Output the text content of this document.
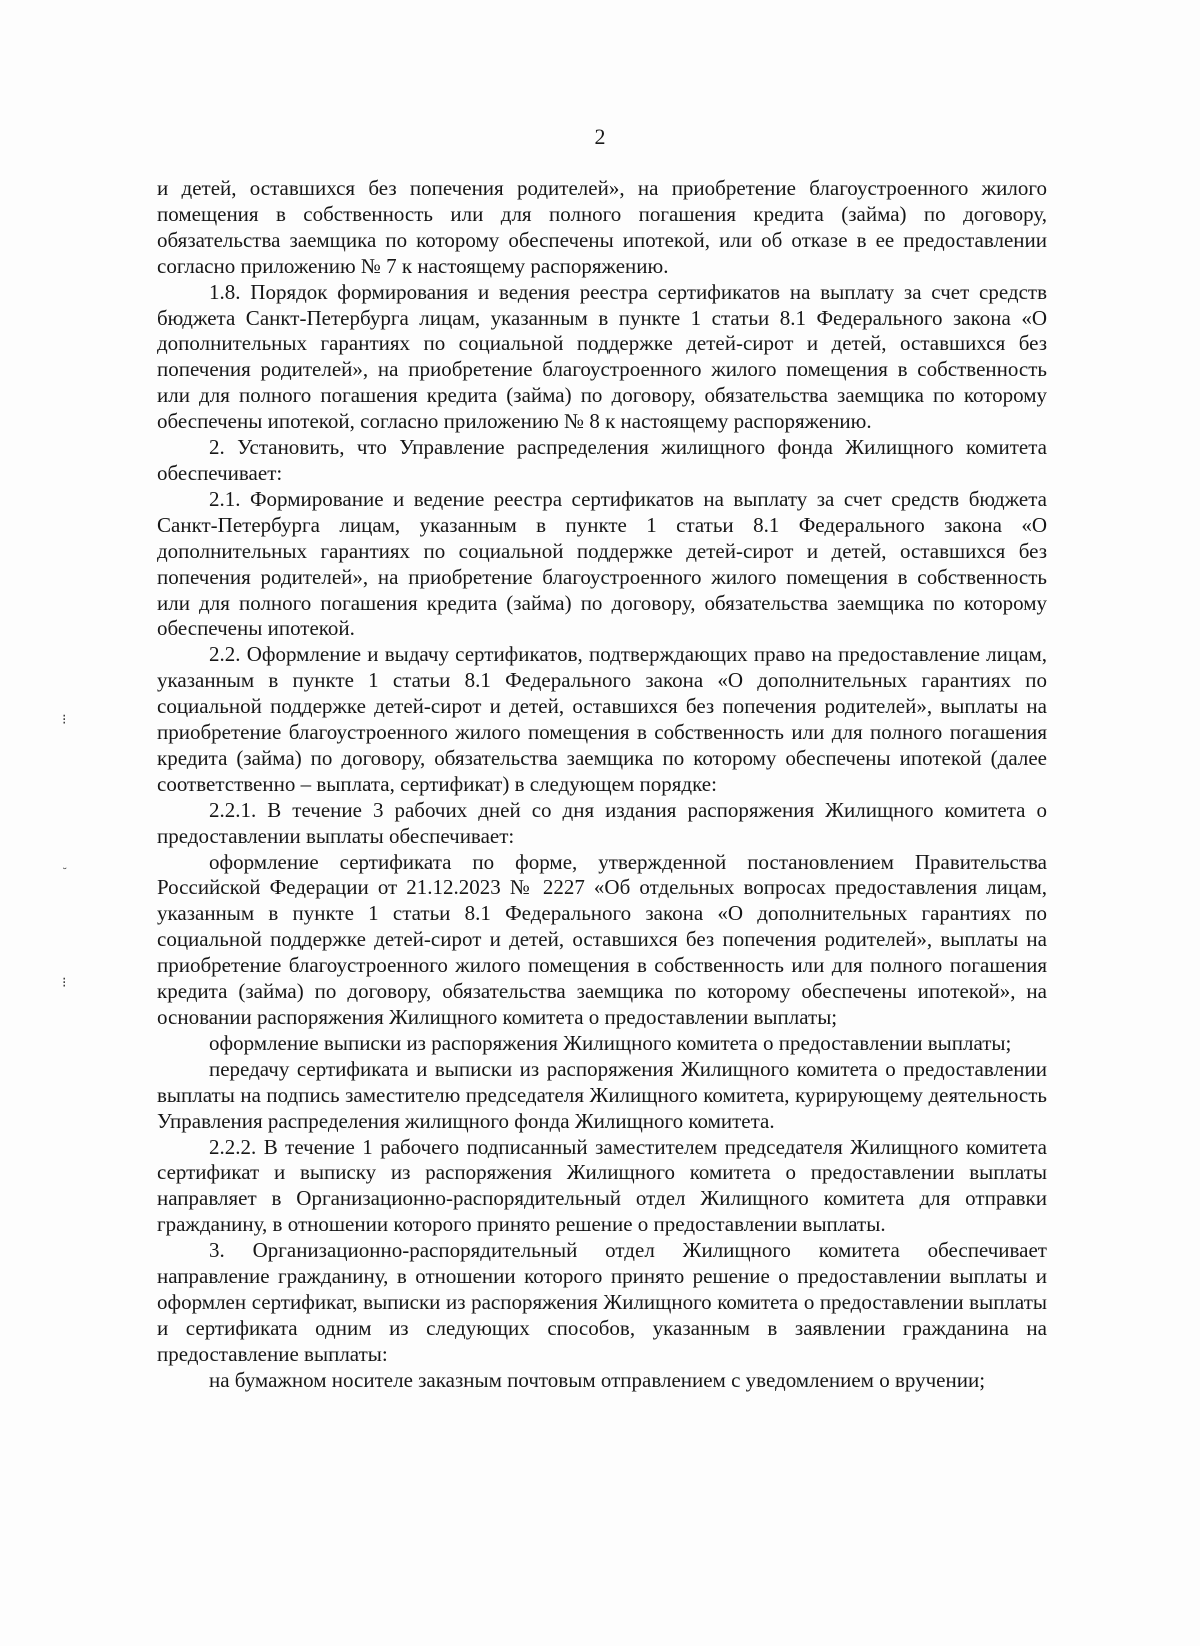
2
⁝
˘
⁝

и детей, оставшихся без попечения родителей», на приобретение благоустроенного жилого помещения в собственность или для полного погашения кредита (займа) по договору, обязательства заемщика по которому обеспечены ипотекой, или об отказе в ее предоставлении согласно приложению № 7 к настоящему распоряжению.

1.8. Порядок формирования и ведения реестра сертификатов на выплату за счет средств бюджета Санкт-Петербурга лицам, указанным в пункте 1 статьи 8.1 Федерального закона «О дополнительных гарантиях по социальной поддержке детей-сирот и детей, оставшихся без попечения родителей», на приобретение благоустроенного жилого помещения в собственность или для полного погашения кредита (займа) по договору, обязательства заемщика по которому обеспечены ипотекой, согласно приложению № 8 к настоящему распоряжению.

2. Установить, что Управление распределения жилищного фонда Жилищного комитета обеспечивает:

2.1. Формирование и ведение реестра сертификатов на выплату за счет средств бюджета Санкт-Петербурга лицам, указанным в пункте 1 статьи 8.1 Федерального закона «О дополнительных гарантиях по социальной поддержке детей-сирот и детей, оставшихся без попечения родителей», на приобретение благоустроенного жилого помещения в собственность или для полного погашения кредита (займа) по договору, обязательства заемщика по которому обеспечены ипотекой.

2.2. Оформление и выдачу сертификатов, подтверждающих право на предоставление лицам, указанным в пункте 1 статьи 8.1 Федерального закона «О дополнительных гарантиях по социальной поддержке детей-сирот и детей, оставшихся без попечения родителей», выплаты на приобретение благоустроенного жилого помещения в собственность или для полного погашения кредита (займа) по договору, обязательства заемщика по которому обеспечены ипотекой (далее соответственно – выплата, сертификат) в следующем порядке:

2.2.1. В течение 3 рабочих дней со дня издания распоряжения Жилищного комитета о предоставлении выплаты обеспечивает:

оформление сертификата по форме, утвержденной постановлением Правительства Российской Федерации от 21.12.2023 № 2227 «Об отдельных вопросах предоставления лицам, указанным в пункте 1 статьи 8.1 Федерального закона «О дополнительных гарантиях по социальной поддержке детей-сирот и детей, оставшихся без попечения родителей», выплаты на приобретение благоустроенного жилого помещения в собственность или для полного погашения кредита (займа) по договору, обязательства заемщика по которому обеспечены ипотекой», на основании распоряжения Жилищного комитета о предоставлении выплаты;

оформление выписки из распоряжения Жилищного комитета о предоставлении выплаты;

передачу сертификата и выписки из распоряжения Жилищного комитета о предоставлении выплаты на подпись заместителю председателя Жилищного комитета, курирующему деятельность Управления распределения жилищного фонда Жилищного комитета.

2.2.2. В течение 1 рабочего подписанный заместителем председателя Жилищного комитета сертификат и выписку из распоряжения Жилищного комитета о предоставлении выплаты направляет в Организационно-распорядительный отдел Жилищного комитета для отправки гражданину, в отношении которого принято решение о предоставлении выплаты.

3. Организационно-распорядительный отдел Жилищного комитета обеспечивает направление гражданину, в отношении которого принято решение о предоставлении выплаты и оформлен сертификат, выписки из распоряжения Жилищного комитета о предоставлении выплаты и сертификата одним из следующих способов, указанным в заявлении гражданина на предоставление выплаты:

на бумажном носителе заказным почтовым отправлением с уведомлением о вручении;
